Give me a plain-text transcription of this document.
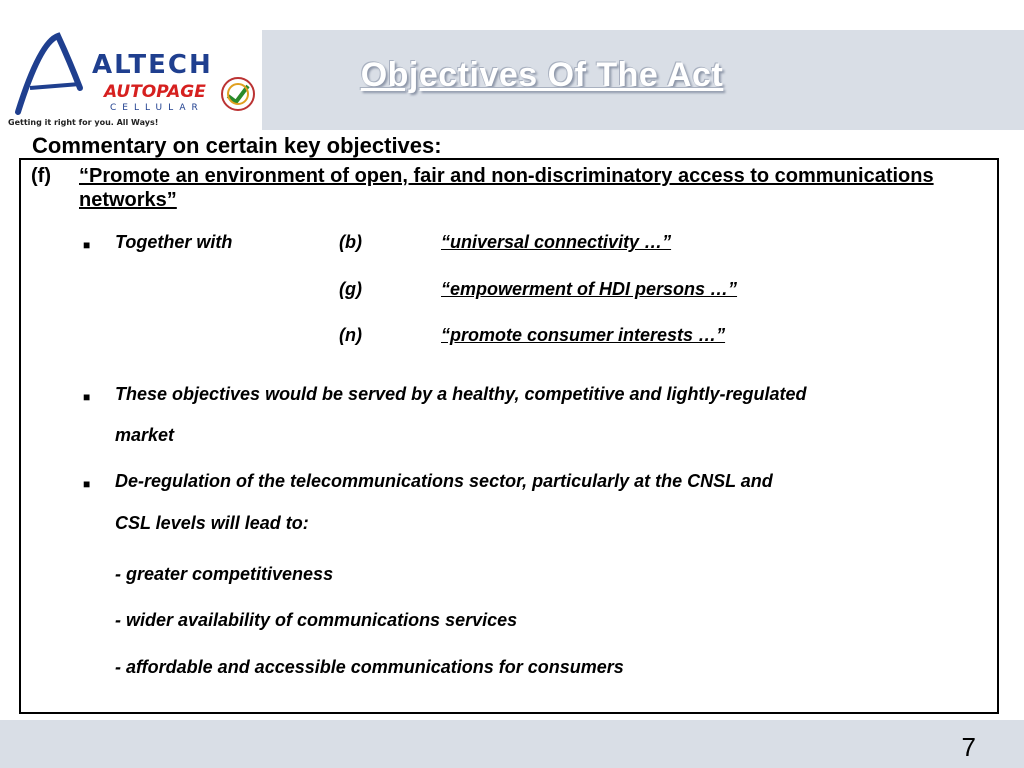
ALTECH
AUTOPAGE
CELLULAR
Getting it right for you. All Ways!
Objectives Of The Act
Commentary on certain key objectives:
(f) “Promote an environment of open, fair and non-discriminatory access to communications networks”
■ Together with	(b)	“universal connectivity …”
(g)	“empowerment of HDI persons …”
(n)	“promote consumer interests …”
■ These objectives would be served by a healthy, competitive and lightly-regulated
market
■ De-regulation of the telecommunications sector, particularly at the CNSL and
CSL levels will lead to:
- greater competitiveness
- wider availability of communications services
- affordable and accessible communications for consumers
7
